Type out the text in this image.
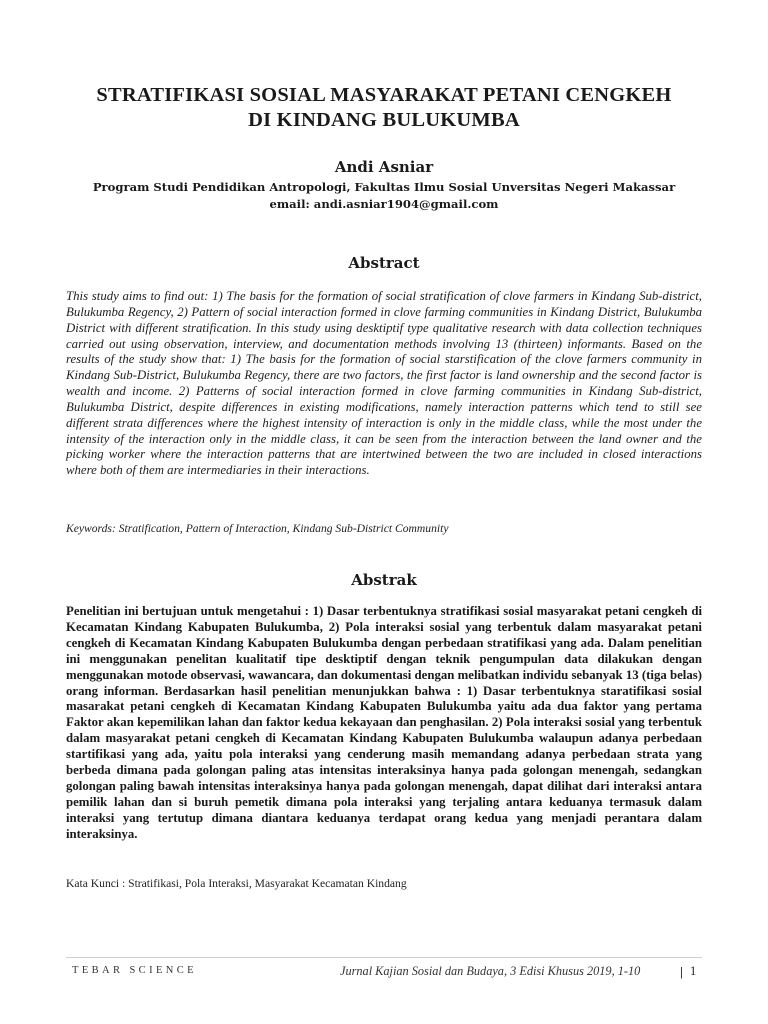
STRATIFIKASI SOSIAL MASYARAKAT PETANI CENGKEH
DI KINDANG BULUKUMBA
Andi Asniar
Program Studi Pendidikan Antropologi, Fakultas Ilmu Sosial Unversitas Negeri Makassar
email: andi.asniar1904@gmail.com
Abstract
This study aims to find out: 1) The basis for the formation of social stratification of clove farmers in Kindang Sub-district, Bulukumba Regency, 2) Pattern of social interaction formed in clove farming communities in Kindang District, Bulukumba District with different stratification. In this study using desktiptif type qualitative research with data collection techniques carried out using observation, interview, and documentation methods involving 13 (thirteen) informants. Based on the results of the study show that: 1) The basis for the formation of social starstification of the clove farmers community in Kindang Sub-District, Bulukumba Regency, there are two factors, the first factor is land ownership and the second factor is wealth and income. 2) Patterns of social interaction formed in clove farming communities in Kindang Sub-district, Bulukumba District, despite differences in existing modifications, namely interaction patterns which tend to still see different strata differences where the highest intensity of interaction is only in the middle class, while the most under the intensity of the interaction only in the middle class, it can be seen from the interaction between the land owner and the picking worker where the interaction patterns that are intertwined between the two are included in closed interactions where both of them are intermediaries in their interactions.
Keywords: Stratification, Pattern of Interaction, Kindang Sub-District Community
Abstrak
Penelitian ini bertujuan untuk mengetahui : 1) Dasar terbentuknya stratifikasi sosial masyarakat petani cengkeh di Kecamatan Kindang Kabupaten Bulukumba, 2) Pola interaksi sosial yang terbentuk dalam masyarakat petani cengkeh di Kecamatan Kindang Kabupaten Bulukumba dengan perbedaan stratifikasi yang ada. Dalam penelitian ini menggunakan penelitan kualitatif tipe desktiptif dengan teknik pengumpulan data dilakukan dengan menggunakan motode observasi, wawancara, dan dokumentasi dengan melibatkan individu sebanyak 13 (tiga belas) orang informan. Berdasarkan hasil penelitian menunjukkan bahwa : 1) Dasar terbentuknya staratifikasi sosial masarakat petani cengkeh di Kecamatan Kindang Kabupaten Bulukumba yaitu ada dua faktor yang pertama Faktor akan kepemilikan lahan dan faktor kedua kekayaan dan penghasilan. 2) Pola interaksi sosial yang terbentuk dalam masyarakat petani cengkeh di Kecamatan Kindang Kabupaten Bulukumba walaupun adanya perbedaan startifikasi yang ada, yaitu pola interaksi yang cenderung masih memandang adanya perbedaan strata yang berbeda dimana pada golongan paling atas intensitas interaksinya hanya pada golongan menengah, sedangkan golongan paling bawah intensitas interaksinya hanya pada golongan menengah, dapat dilihat dari interaksi antara pemilik lahan dan si buruh pemetik dimana pola interaksi yang terjaling antara keduanya termasuk dalam interaksi yang tertutup dimana diantara keduanya terdapat orang kedua yang menjadi perantara dalam interaksinya.
Kata Kunci : Stratifikasi, Pola Interaksi, Masyarakat Kecamatan Kindang
TEBAR SCIENCE	Jurnal Kajian Sosial dan Budaya, 3 Edisi Khusus 2019, 1-10	| 1
